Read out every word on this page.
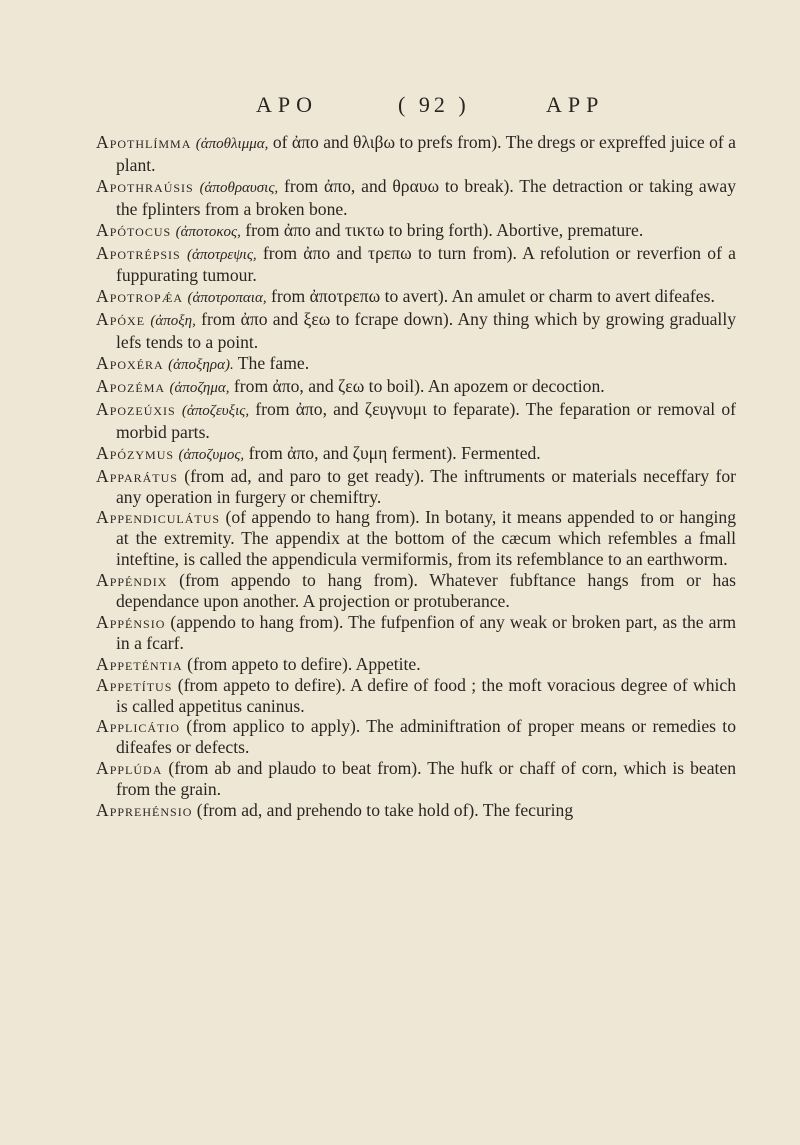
APO	( 92 )	APP

Apothlímma (ἀποθλιμμα, of ἀπο and θλιβω to prefs from). The dregs or expreffed juice of a plant.

Apothraúsis (ἀποθραυσις, from ἀπο, and θραυω to break). The detraction or taking away the fplinters from a broken bone.

Apótocus (ἀποτοκος, from ἀπο and τικτω to bring forth). Abortive, premature.

Apotrépsis (ἀποτρεψις, from ἀπο and τρεπω to turn from). A refolution or reverfion of a fuppurating tumour.

Apotropǽa (ἀποτροπαια, from ἀποτρεπω to avert). An amulet or charm to avert difeafes.

Apóxe (ἀποξη, from ἀπο and ξεω to fcrape down). Any thing which by growing gradually lefs tends to a point.

Apoxéra (ἀποξηρα). The fame.

Apozéma (ἀποζημα, from ἀπο, and ζεω to boil). An apozem or decoction.

Apozeúxis (ἀποζευξις, from ἀπο, and ζευγνυμι to feparate). The feparation or removal of morbid parts.

Apózymus (ἀποζυμος, from ἀπο, and ζυμη ferment). Fermented.

Apparátus (from ad, and paro to get ready). The inftruments or materials neceffary for any operation in furgery or chemiftry.

Appendiculátus (of appendo to hang from). In botany, it means appended to or hanging at the extremity. The appendix at the bottom of the cæcum which refembles a fmall inteftine, is called the appendicula vermiformis, from its refemblance to an earthworm.

Appéndix (from appendo to hang from). Whatever fubftance hangs from or has dependance upon another. A projection or protuberance.

Appénsio (appendo to hang from). The fufpenfion of any weak or broken part, as the arm in a fcarf.

Appeténtia (from appeto to defire). Appetite.

Appetítus (from appeto to defire). A defire of food ; the moft voracious degree of which is called appetitus caninus.

Applicátio (from applico to apply). The adminiftration of proper means or remedies to difeafes or defects.

Applúda (from ab and plaudo to beat from). The hufk or chaff of corn, which is beaten from the grain.

Apprehénsio (from ad, and prehendo to take hold of). The fecuring
